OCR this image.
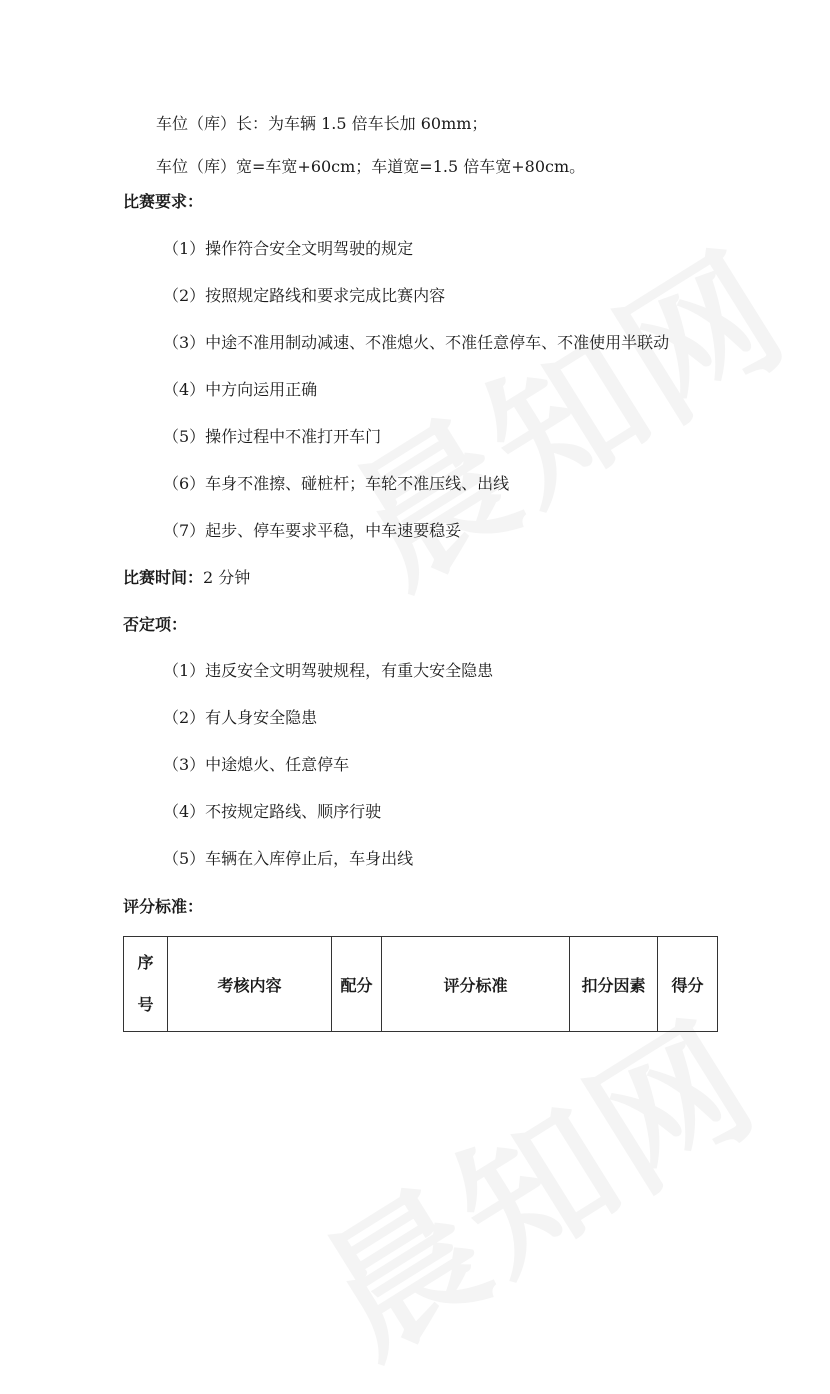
车位（库）长：为车辆 1.5 倍车长加 60mm；
车位（库）宽=车宽+60cm；车道宽=1.5 倍车宽+80cm。
比赛要求：
（1）操作符合安全文明驾驶的规定
（2）按照规定路线和要求完成比赛内容
（3）中途不准用制动减速、不准熄火、不准任意停车、不准使用半联动
（4）中方向运用正确
（5）操作过程中不准打开车门
（6）车身不准擦、碰桩杆；车轮不准压线、出线
（7）起步、停车要求平稳，中车速要稳妥
比赛时间：2 分钟
否定项：
（1）违反安全文明驾驶规程，有重大安全隐患
（2）有人身安全隐患
（3）中途熄火、任意停车
（4）不按规定路线、顺序行驶
（5）车辆在入库停止后，车身出线
评分标准：
序
号
	考核内容	配分	评分标准	扣分因素	得分
